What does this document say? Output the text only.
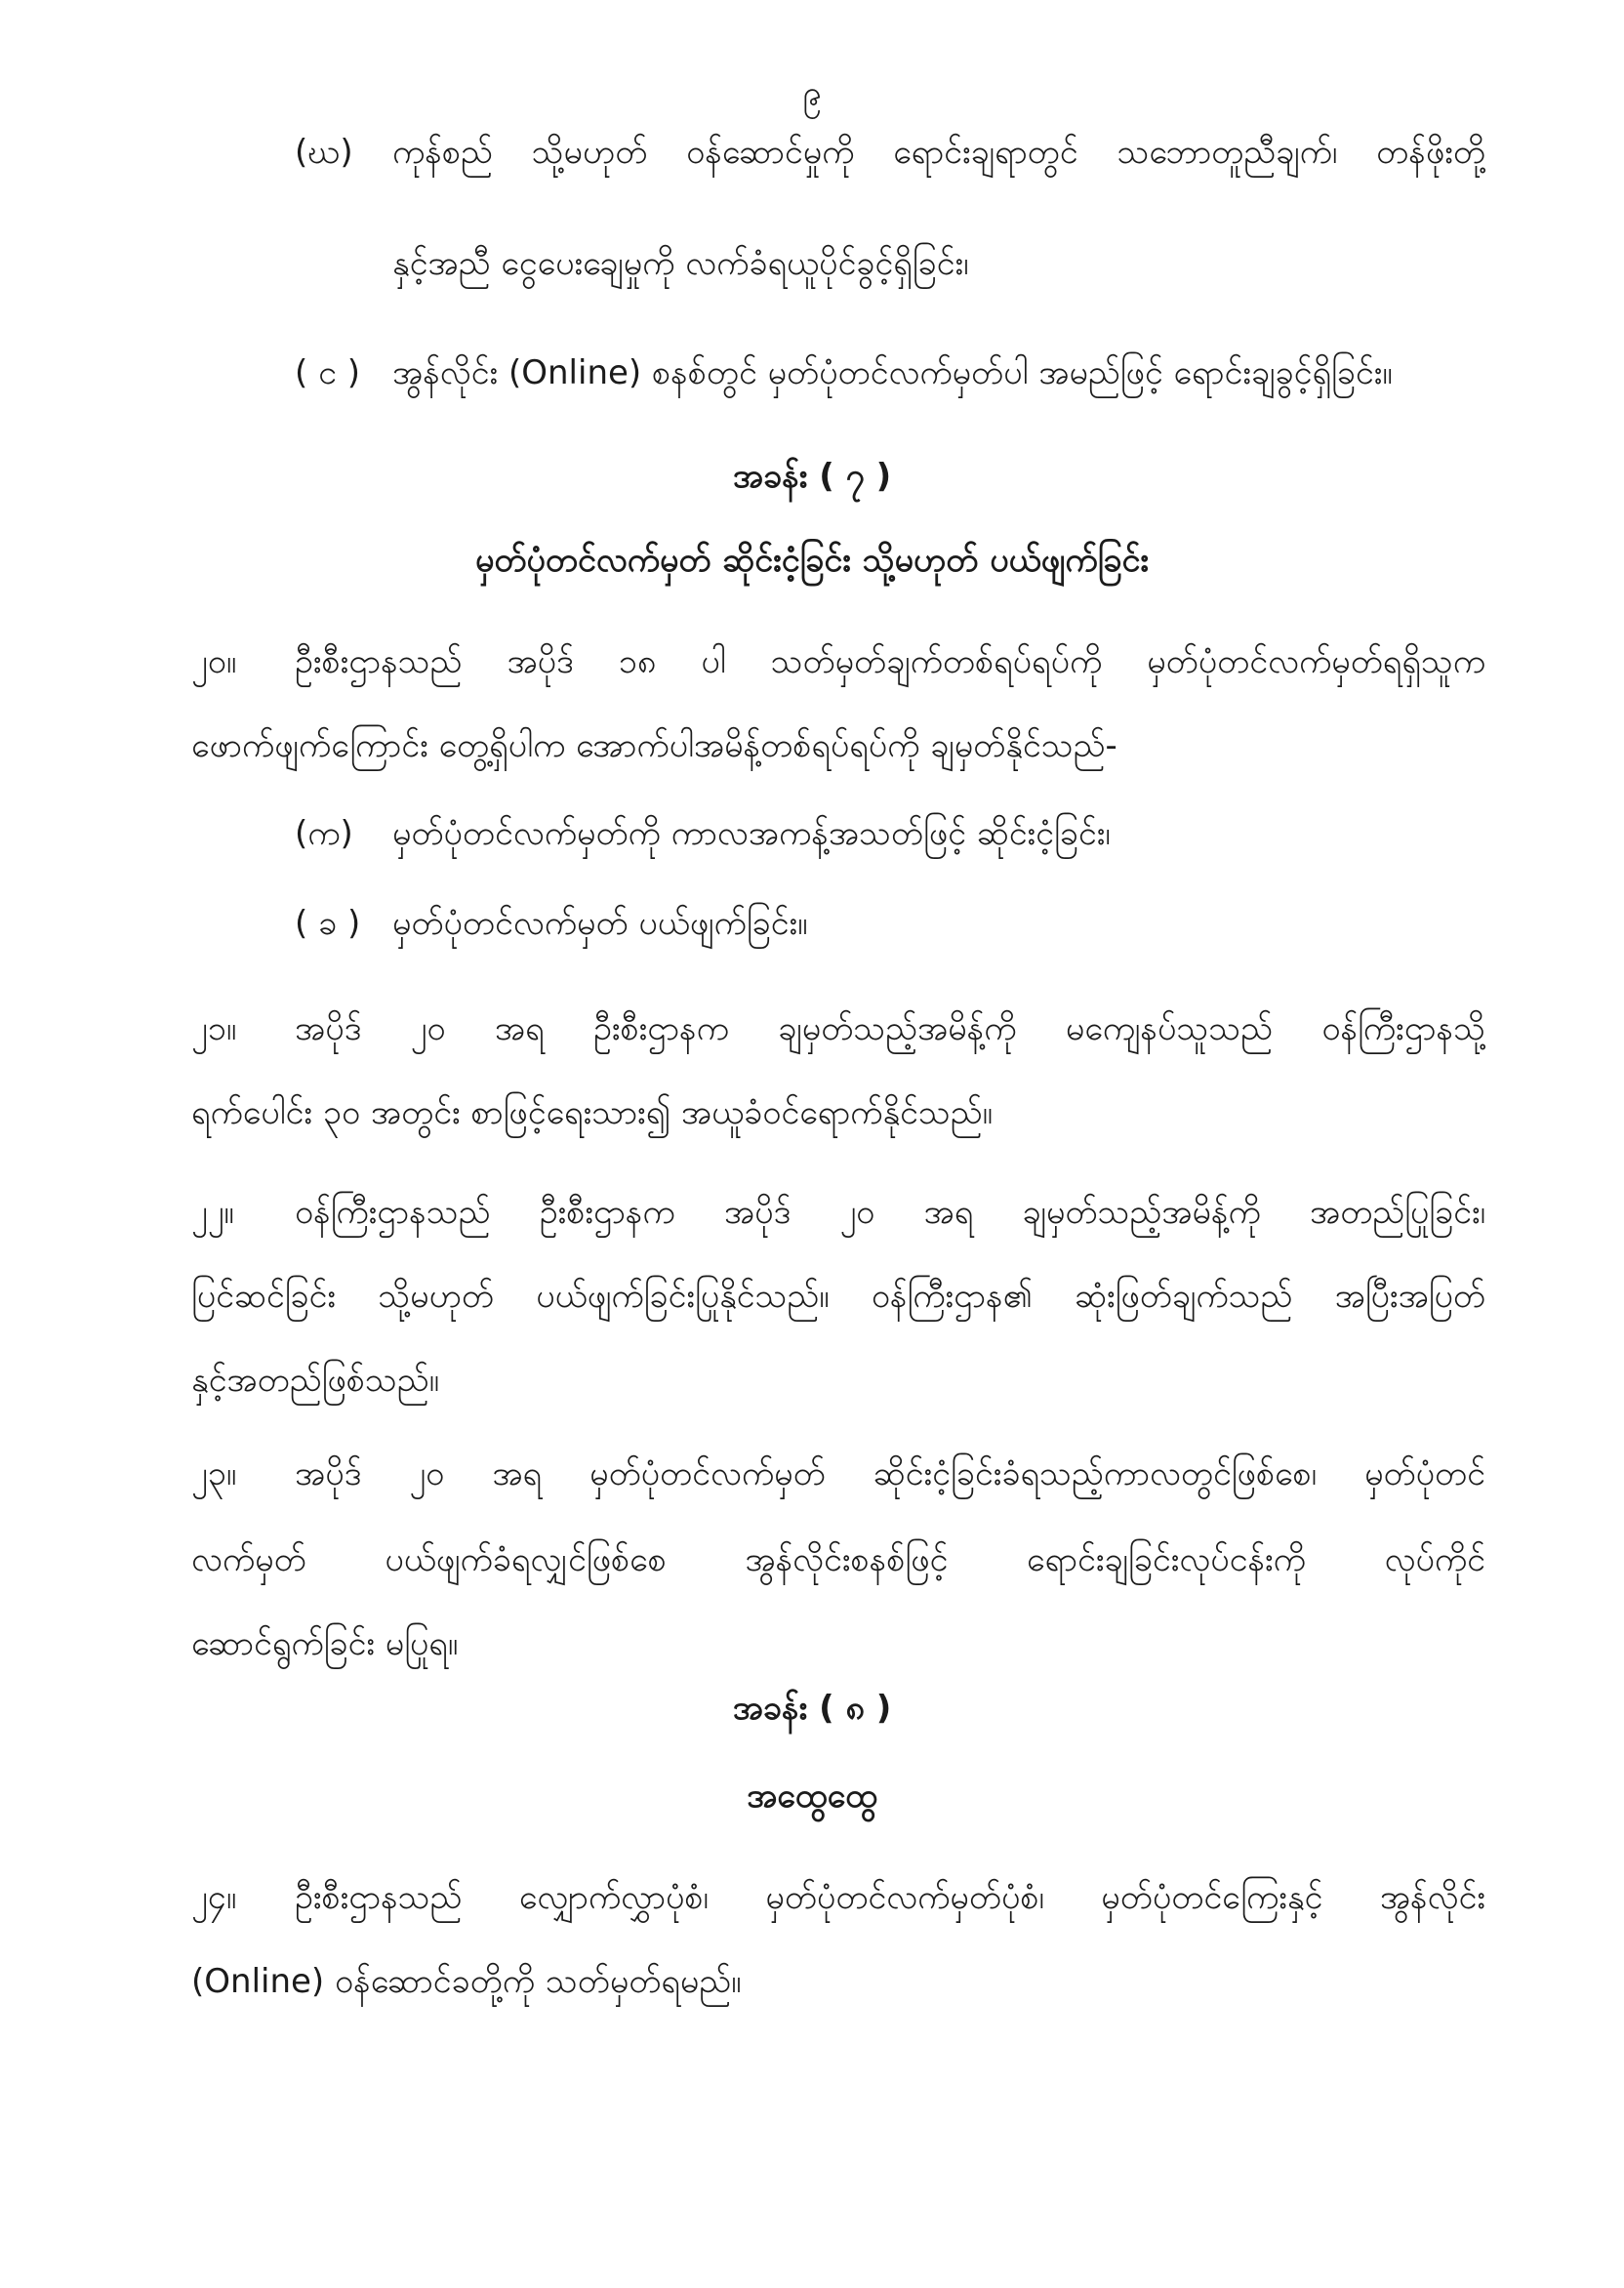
၉
(ဃ)	ကုန်စည် သို့မဟုတ် ဝန်ဆောင်မှုကို ရောင်းချရာတွင် သဘောတူညီချက်၊ တန်ဖိုးတို့
နှင့်အညီ ငွေပေးချေမှုကို လက်ခံရယူပိုင်ခွင့်ရှိခြင်း၊
( င ) အွန်လိုင်း (Online) စနစ်တွင် မှတ်ပုံတင်လက်မှတ်ပါ အမည်ဖြင့် ရောင်းချခွင့်ရှိခြင်း။
အခန်း ( ၇ )
မှတ်ပုံတင်လက်မှတ် ဆိုင်းငံ့ခြင်း သို့မဟုတ် ပယ်ဖျက်ခြင်း
၂၀။ ဦးစီးဌာနသည် အပိုဒ် ၁၈ ပါ သတ်မှတ်ချက်တစ်ရပ်ရပ်ကို မှတ်ပုံတင်လက်မှတ်ရရှိသူက
ဖောက်ဖျက်ကြောင်း တွေ့ရှိပါက အောက်ပါအမိန့်တစ်ရပ်ရပ်ကို ချမှတ်နိုင်သည်-
(က) မှတ်ပုံတင်လက်မှတ်ကို ကာလအကန့်အသတ်ဖြင့် ဆိုင်းငံ့ခြင်း၊
( ခ ) မှတ်ပုံတင်လက်မှတ် ပယ်ဖျက်ခြင်း။
၂၁။ အပိုဒ် ၂၀ အရ ဦးစီးဌာနက ချမှတ်သည့်အမိန့်ကို မကျေနပ်သူသည် ဝန်ကြီးဌာနသို့
ရက်ပေါင်း ၃၀ အတွင်း စာဖြင့်ရေးသား၍ အယူခံဝင်ရောက်နိုင်သည်။
၂၂။ ဝန်ကြီးဌာနသည် ဦးစီးဌာနက အပိုဒ် ၂၀ အရ ချမှတ်သည့်အမိန့်ကို အတည်ပြုခြင်း၊
ပြင်ဆင်ခြင်း သို့မဟုတ် ပယ်ဖျက်ခြင်းပြုနိုင်သည်။ ဝန်ကြီးဌာန၏ ဆုံးဖြတ်ချက်သည် အပြီးအပြတ်
နှင့်အတည်ဖြစ်သည်။
၂၃။ အပိုဒ် ၂၀ အရ မှတ်ပုံတင်လက်မှတ် ဆိုင်းငံ့ခြင်းခံရသည့်ကာလတွင်ဖြစ်စေ၊ မှတ်ပုံတင်
လက်မှတ် ပယ်ဖျက်ခံရလျှင်ဖြစ်စေ အွန်လိုင်းစနစ်ဖြင့် ရောင်းချခြင်းလုပ်ငန်းကို လုပ်ကိုင်
ဆောင်ရွက်ခြင်း မပြုရ။
အခန်း ( ၈ )
အထွေထွေ
၂၄။ ဦးစီးဌာနသည် လျှောက်လွှာပုံစံ၊ မှတ်ပုံတင်လက်မှတ်ပုံစံ၊ မှတ်ပုံတင်ကြေးနှင့် အွန်လိုင်း
(Online) ဝန်ဆောင်ခတို့ကို သတ်မှတ်ရမည်။
